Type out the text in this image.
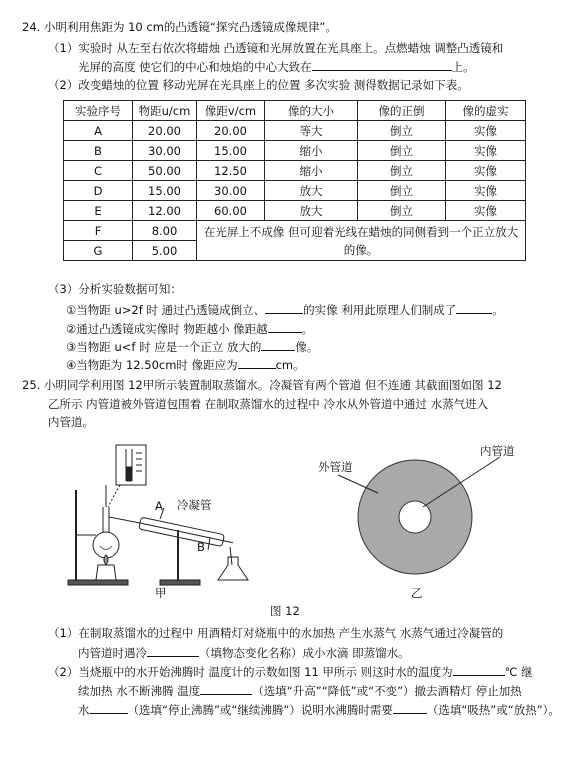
24. 小明利用焦距为 10 cm的凸透镜“探究凸透镜成像规律”。
（1）实验时 从左至右依次将蜡烛 凸透镜和光屏放置在光具座上。点燃蜡烛 调整凸透镜和
光屏的高度 使它们的中心和烛焰的中心大致在	上。
（2）改变蜡烛的位置 移动光屏在光具座上的位置 多次实验 测得数据记录如下表。
实验序号	物距u/cm	像距v/cm	像的大小	像的正倒	像的虚实
A	20.00	20.00	等大	倒立	实像
B	30.00	15.00	缩小	倒立	实像
C	50.00	12.50	缩小	倒立	实像
D	15.00	30.00	放大	倒立	实像
E	12.00	60.00	放大	倒立	实像
F	8.00	在光屏上不成像 但可迎着光线在蜡烛的同侧看到一个正立放大的像。			
G	5.00				
（3）分析实验数据可知：
①当物距 u>2f 时 通过凸透镜成倒立、	的实像 利用此原理人们制成了	。
②通过凸透镜成实像时 物距越小 像距越	。
③当物距 u<f 时 应是一个正立 放大的	像。
④当物距为 12.50cm时 像距应为	cm。
25. 小明同学利用图 12甲所示装置制取蒸馏水。冷凝管有两个管道 但不连通 其截面图如图 12
乙所示 内管道被外管道包围着 在制取蒸馏水的过程中 冷水从外管道中通过 水蒸气进入
内管道。
A 冷凝管
B
甲
外管道
内管道
乙
图 12
（1）在制取蒸馏水的过程中 用酒精灯对烧瓶中的水加热 产生水蒸气 水蒸气通过冷凝管的
内管道时遇冷	（填物态变化名称）成小水滴 即蒸馏水。
（2）当烧瓶中的水开始沸腾时 温度计的示数如图 11 甲所示 则这时水的温度为	℃ 继
续加热 水不断沸腾 温度	（选填“升高”“降低”或“不变”）撤去酒精灯 停止加热
水	（选填“停止沸腾”或“继续沸腾”）说明水沸腾时需要	（选填“吸热”或“放热”）。
